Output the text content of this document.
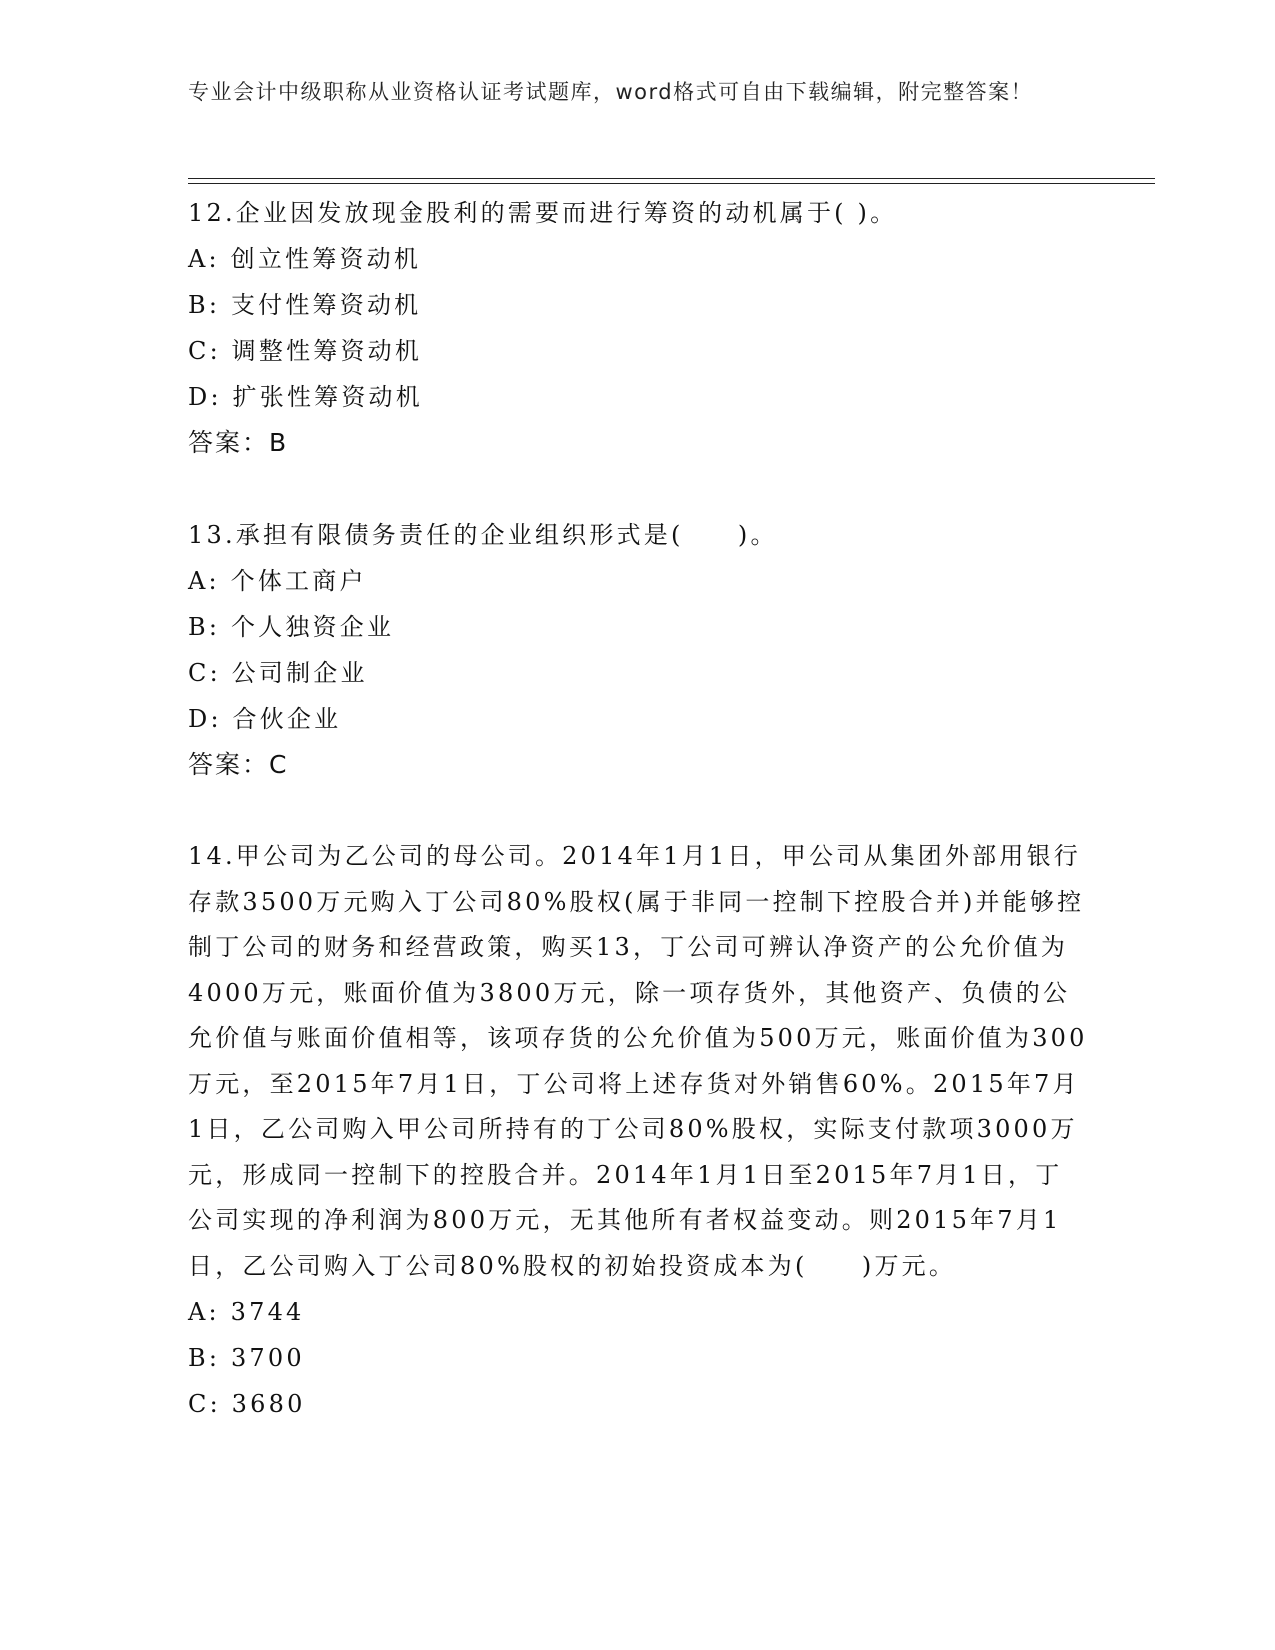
专业会计中级职称从业资格认证考试题库，word格式可自由下载编辑，附完整答案！
12.企业因发放现金股利的需要而进行筹资的动机属于( )。
A: 创立性筹资动机
B: 支付性筹资动机
C: 调整性筹资动机
D: 扩张性筹资动机
答案：B
13.承担有限债务责任的企业组织形式是(　　)。
A: 个体工商户
B: 个人独资企业
C: 公司制企业
D: 合伙企业
答案：C
14.甲公司为乙公司的母公司。2014年1月1日，甲公司从集团外部用银行存款3500万元购入丁公司80%股权(属于非同一控制下控股合并)并能够控制丁公司的财务和经营政策，购买13，丁公司可辨认净资产的公允价值为4000万元，账面价值为3800万元，除一项存货外，其他资产、负债的公允价值与账面价值相等，该项存货的公允价值为500万元，账面价值为300万元，至2015年7月1日，丁公司将上述存货对外销售60%。2015年7月1日，乙公司购入甲公司所持有的丁公司80%股权，实际支付款项3000万元，形成同一控制下的控股合并。2014年1月1日至2015年7月1日，丁公司实现的净利润为800万元，无其他所有者权益变动。则2015年7月1日，乙公司购入丁公司80%股权的初始投资成本为(　　)万元。
A: 3744
B: 3700
C: 3680
